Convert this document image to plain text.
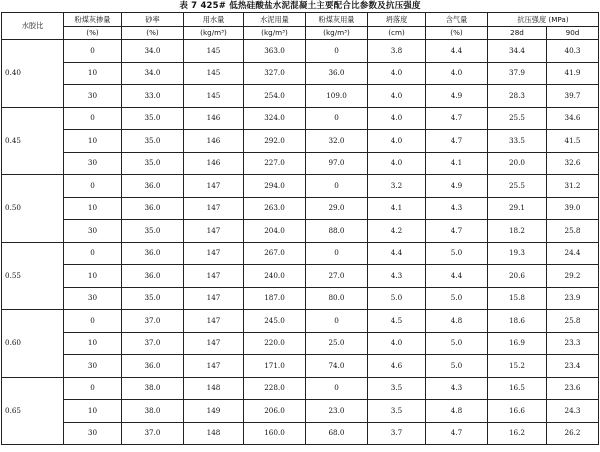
表 7 425# 低热硅酸盐水泥混凝土主要配合比参数及抗压强度
水胶比	粉煤灰掺量	砂率	用水量	水泥用量	粉煤灰用量	坍落度	含气量	抗压强度 (MPa)	
	(%)	(%)	(kg/m³)	(kg/m³)	(kg/m³)	(cm)	(%)	28d	90d
0.40	0	34.0	145	363.0	0	3.8	4.4	34.4	40.3
	10	34.0	145	327.0	36.0	4.0	4.0	37.9	41.9
	30	33.0	145	254.0	109.0	4.0	4.9	28.3	39.7
0.45	0	35.0	146	324.0	0	4.0	4.7	25.5	34.6
	10	35.0	146	292.0	32.0	4.0	4.7	33.5	41.5
	30	35.0	146	227.0	97.0	4.0	4.1	20.0	32.6
0.50	0	36.0	147	294.0	0	3.2	4.9	25.5	31.2
	10	36.0	147	263.0	29.0	4.1	4.3	29.1	39.0
	30	35.0	147	204.0	88.0	4.2	4.7	18.2	25.8
0.55	0	36.0	147	267.0	0	4.4	5.0	19.3	24.4
	10	36.0	147	240.0	27.0	4.3	4.4	20.6	29.2
	30	35.0	147	187.0	80.0	5.0	5.0	15.8	23.9
0.60	0	37.0	147	245.0	0	4.5	4.8	18.6	25.8
	10	37.0	147	220.0	25.0	4.0	5.0	16.9	23.3
	30	36.0	147	171.0	74.0	4.6	5.0	15.2	23.4
0.65	0	38.0	148	228.0	0	3.5	4.3	16.5	23.6
	10	38.0	149	206.0	23.0	3.5	4.8	16.6	24.3
	30	37.0	148	160.0	68.0	3.7	4.7	16.2	26.2
